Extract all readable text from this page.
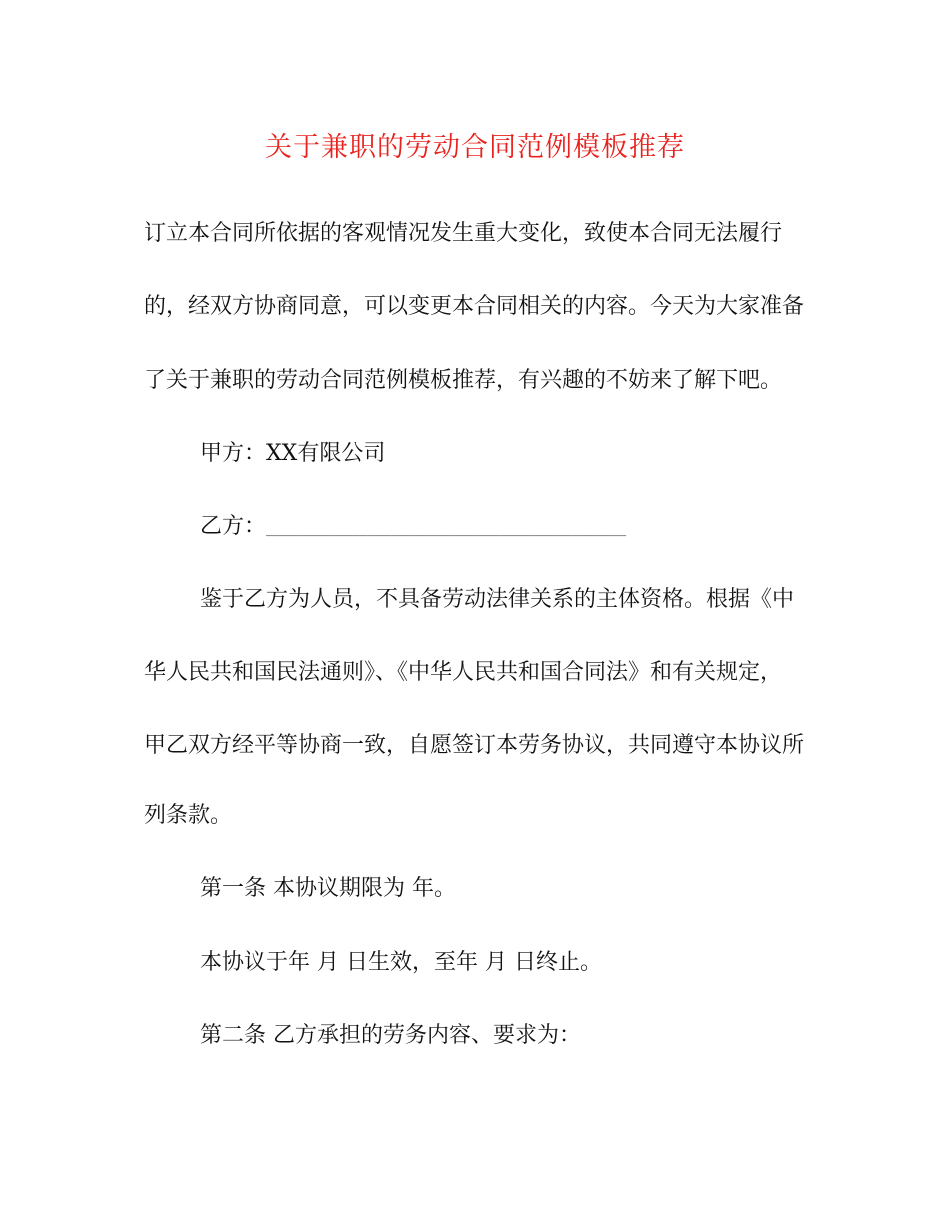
关于兼职的劳动合同范例模板推荐
订立本合同所依据的客观情况发生重大变化，致使本合同无法履行
的，经双方协商同意，可以变更本合同相关的内容。今天为大家准备
了关于兼职的劳动合同范例模板推荐，有兴趣的不妨来了解下吧。
甲方：XX有限公司
乙方：______________________________________________
鉴于乙方为人员，不具备劳动法律关系的主体资格。根据《中
华人民共和国民法通则》、《中华人民共和国合同法》和有关规定，
甲乙双方经平等协商一致，自愿签订本劳务协议，共同遵守本协议所
列条款。
第一条 本协议期限为 年。
本协议于年 月 日生效，至年 月 日终止。
第二条 乙方承担的劳务内容、要求为：
